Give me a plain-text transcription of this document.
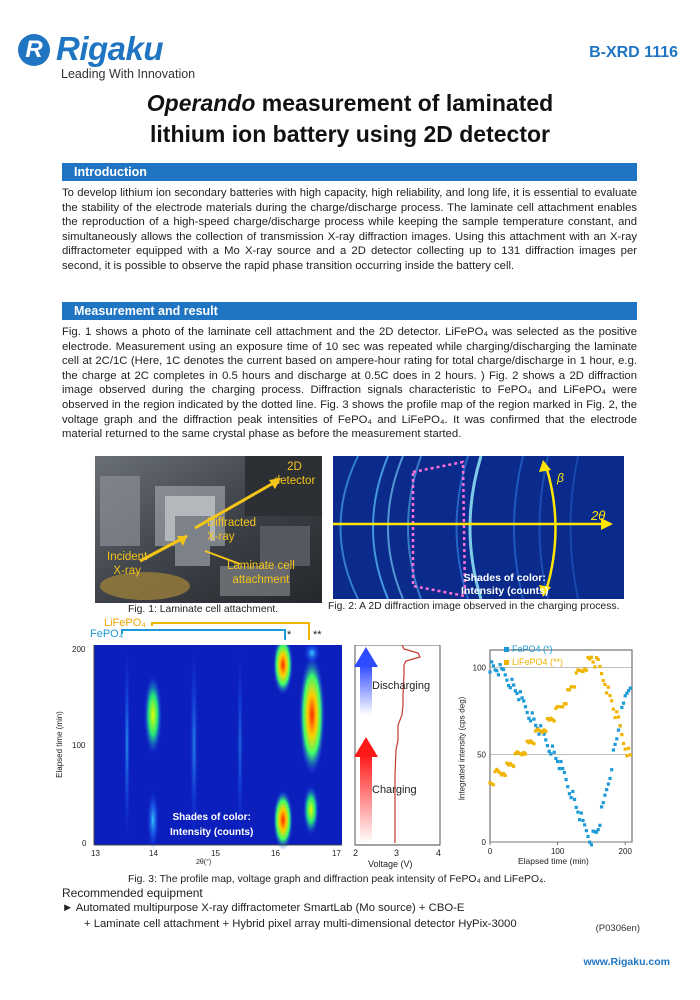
R Rigaku
Leading With Innovation
B-XRD 1116
Operando measurement of laminated
lithium ion battery using 2D detector
Introduction
To develop lithium ion secondary batteries with high capacity, high reliability, and long life, it is essential to evaluate the stability of the electrode materials during the charge/discharge process. The laminate cell attachment enables the reproduction of a high-speed charge/discharge process while keeping the sample temperature constant, and simultaneously allows the collection of transmission X-ray diffraction images. Using this attachment with an X-ray diffractometer equipped with a Mo X-ray source and a 2D detector collecting up to 131 diffraction images per second, it is possible to observe the rapid phase transition occurring inside the battery cell.
Measurement and result
Fig. 1 shows a photo of the laminate cell attachment and the 2D detector. LiFePO₄ was selected as the positive electrode. Measurement using an exposure time of 10 sec was repeated while charging/discharging the laminate cell at 2C/1C (Here, 1C denotes the current based on ampere-hour rating for total charge/discharge in 1 hour, e.g. the charge at 2C completes in 0.5 hours and discharge at 0.5C does in 2 hours. ) Fig. 2 shows a 2D diffraction image observed during the charging process. Diffraction signals characteristic to FePO₄ and LiFePO₄ were observed in the region indicated by the dotted line. Fig. 3 shows the profile map of the region marked in Fig. 2, the voltage graph and the diffraction peak intensities of FePO₄ and LiFePO₄. It was confirmed that the electrode material returned to the same crystal phase as before the measurement started.
2D
detector
Diffracted
X-ray
Incident
X-ray	Laminate cell
attachment
Fig. 1: Laminate cell attachment.
β
2θ
Shades of color:
Intensity (counts)
Fig. 2: A 2D diffraction image observed in the charging process.
LiFePO₄
FePO₄	* **
200
100
0
Elapsed time (min)
13	14	15	16	17
2θ(°)
Shades of color:
Intensity (counts)
Discharging
Charging
2	3	4
Voltage (V)
0
50
100
0	100	200
FePO4 (*)
LiFePO4 (**)
Integrated intensity (cps·deg)
Elapsed time (min)
Fig. 3: The profile map, voltage graph and diffraction peak intensity of FePO₄ and LiFePO₄.
Recommended equipment
► Automated multipurpose X-ray diffractometer SmartLab (Mo source) + CBO-E
+ Laminate cell attachment + Hybrid pixel array multi-dimensional detector HyPix-3000	(P0306en)
www.Rigaku.com
